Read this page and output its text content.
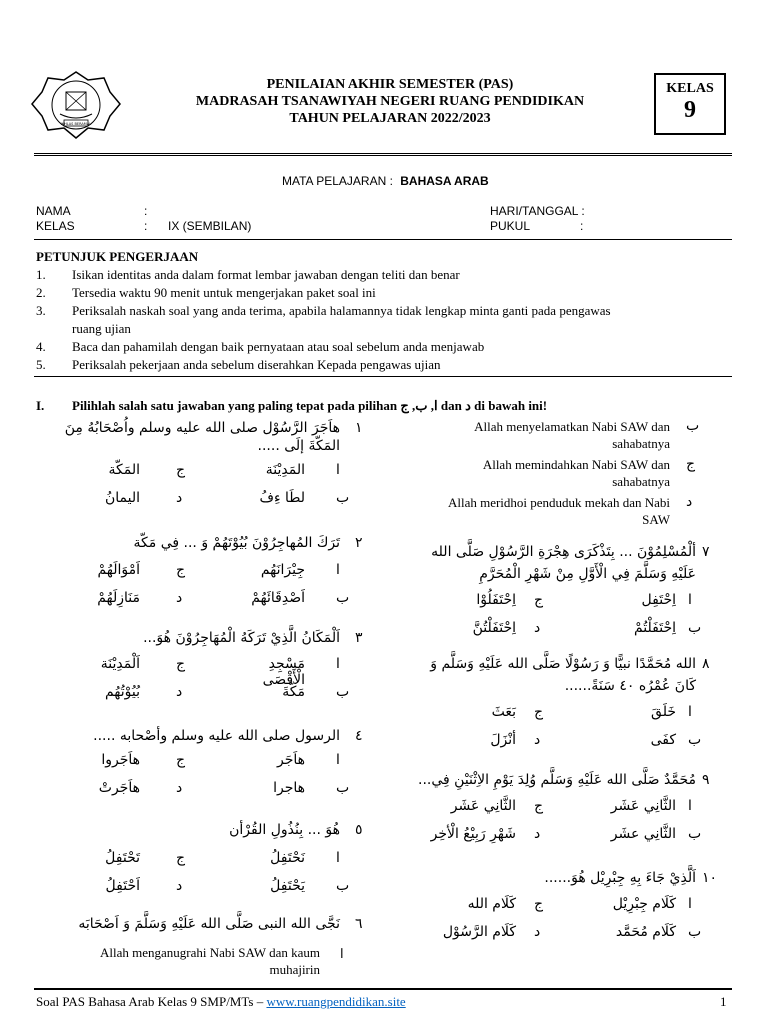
IKHLAS BERAMAL
PENILAIAN AKHIR SEMESTER (PAS)
MADRASAH TSANAWIYAH NEGERI RUANG PENDIDIKAN
TAHUN PELAJARAN 2022/2023
KELAS
9
MATA PELAJARAN : BAHASA ARAB
NAMA	:
KELAS	: IX (SEMBILAN)
HARI/TANGGAL :
PUKUL	:
PETUNJUK PENGERJAAN
1. Isikan identitas anda dalam format lembar jawaban dengan teliti dan benar
2. Tersedia waktu 90 menit untuk mengerjakan paket soal ini
3. Periksalah naskah soal yang anda terima, apabila halamannya tidak lengkap minta ganti pada pengawas
ruang ujian
4. Baca dan pahamilah dengan baik pernyataan atau soal sebelum anda menjawab
5. Periksalah pekerjaan anda sebelum diserahkan Kepada pengawas ujian
I. Pilihlah salah satu jawaban yang paling tepat pada pilihan ا, ب, ج dan د di bawah ini!
١
هاَجَرَ الرَّسُوْل صلى الله عليه وسلم واُصْحَابُهُ مِنَ
المَكّةَ إلَى .....
ا
المَدِيْنَة
ج
المَكّة
ب
لطَا ءِفُ
د
اليمانُ
٢
تَرَكَ المُهاجِرُوْنَ بُيُوْتَهُمْ وَ ... فِي مَكّة
ا
جِيْرَانَهُم
ج
اَمْوَالَهُمْ
ب
اَصْدِقَائَهُمْ
د
مَنَازِلَهُمْ
٣
اَلْمَكَانُ الَّذِيْ تَرَكَهُ الْمُهَاجِرُوْنَ هُوَ...
ا
مَسْجِدِ الْأَقْصَى
ج
اَلْمَدِيْنَة
ب
مَكّةَ
د
بُيُوْتُهُم
٤
الرسول صلى الله عليه وسلم وأصْحابه .....
ا
هاَجَر
ج
هاَجَروا
ب
هاجرا
د
هاَجَرتْ
٥
هُوَ ... بِنُذُولِ القُرْأن
ا
نَحْتَفِلُ
ج
تَحْتَفِلُ
ب
يَحْتَفِلُ
د
اَحْتَفِلُ
٦
نَجَّى الله النبى صَلَّى الله عَلَيْهِ وَسَلَّمَ وَ اَصْحَابَه
ا
Allah menganugrahi Nabi SAW dan kaum
muhajirin
ب
Allah menyelamatkan Nabi SAW dan
sahabatnya
ج
Allah memindahkan Nabi SAW dan
sahabatnya
د
Allah meridhoi penduduk mekah dan Nabi
SAW
٧
ألْمُسْلِمُوْنَ ... بِتَذْكَرَى هِجْرَةِ الرَّسُوْلِ صَلَّى الله
عَلَيْهِ وَسَلَّمَ فِي الْأَوَّلِ مِنْ شَهْرِ الْمُحَرَّمِ
ا
اِحْتَفِل
ج
اِحْتَفَلُوْا
ب
اِحْتَفَلْتُمْ
د
اِحْتَفَلْتُنَّ
٨
الله مُحَمَّدًا نبيًّا وَ رَسُوْلًا صَلَّى الله عَلَيْهِ وَسَلَّم وَ
كَانَ عُمْرُه ٤٠ سَنَةً......
ا
خَلَقَ
ج
بَعَثَ
ب
كفَى
د
أنْزَلَ
٩
مُحَمَّدٌ صَلَّى الله عَلَيْهِ وَسَلَّم وُلِدَ يَوْمِ الاِثْنَيْنِ فِي...
ا
الثَّانِي عَشَر
ج
الثَّانِي عَشَر
ب
الثَّانِي عشَر
د
شَهْرِ رَبِيْعُ الْأخِر
١٠
اَلَّذِيْ جَاءَ بِهِ جِبْرِيْل هُوَ......
ا
كَلَام جِبْرِيْل
ج
كَلَام الله
ب
كَلَام مُحَمَّد
د
كَلَام الرَّسُوْل
Soal PAS Bahasa Arab Kelas 9 SMP/MTs – www.ruangpendidikan.site	1
